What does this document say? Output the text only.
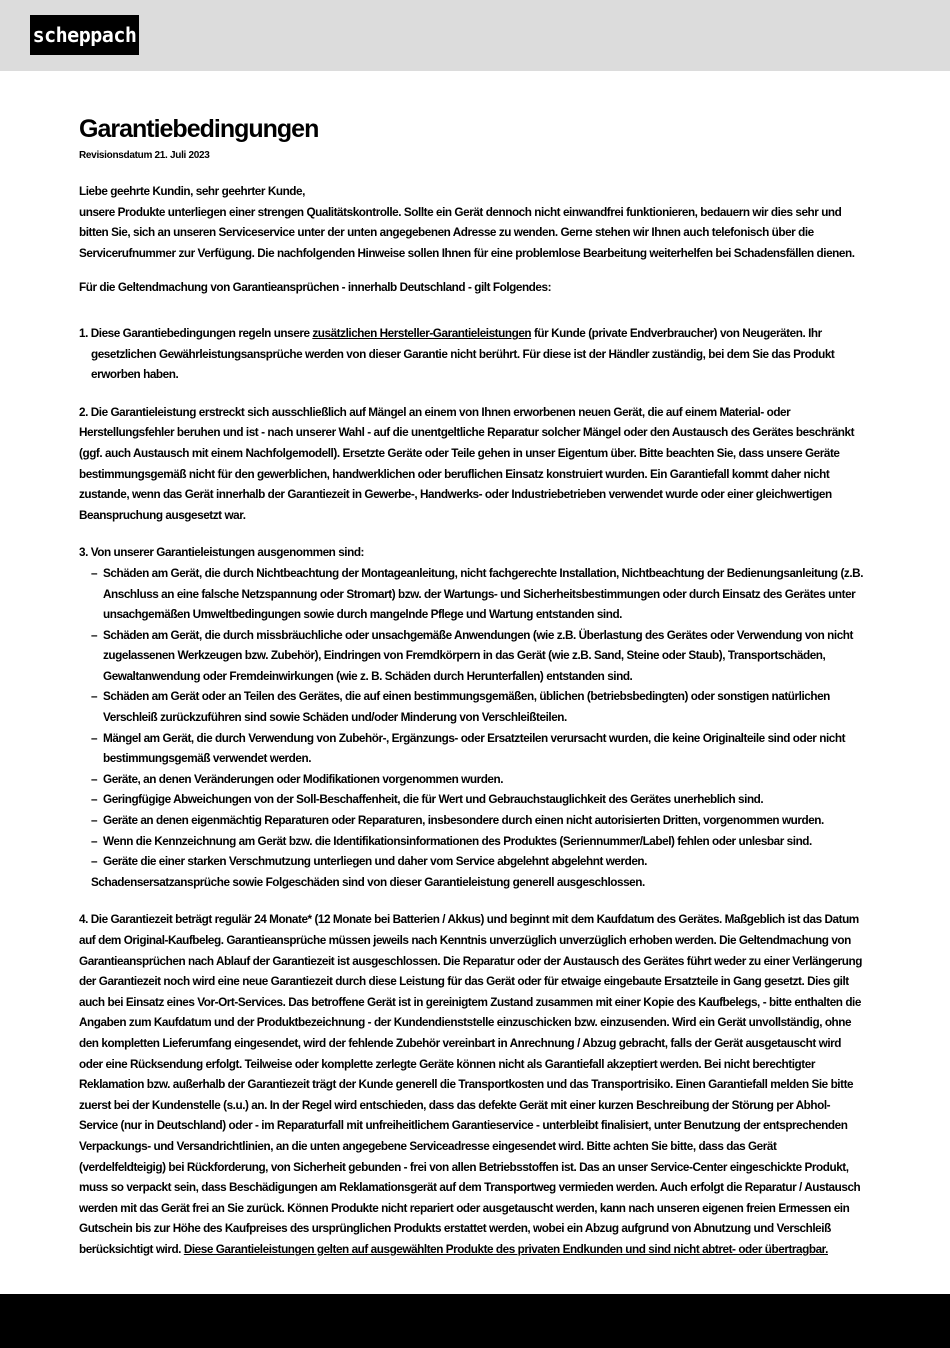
scheppach
Garantiebedingungen

Revisionsdatum 21. Juli 2023

Liebe geehrte Kundin, sehr geehrter Kunde,

unsere Produkte unterliegen einer strengen Qualitätskontrolle. Sollte ein Gerät dennoch nicht einwandfrei funktionieren, bedauern wir dies sehr und bitten Sie, sich an unseren Serviceservice unter der unten angegebenen Adresse zu wenden. Gerne stehen wir Ihnen auch telefonisch über die Servicerufnummer zur Verfügung. Die nachfolgenden Hinweise sollen Ihnen für eine problemlose Bearbeitung weiterhelfen bei Schadensfällen dienen.

Für die Geltendmachung von Garantieansprüchen - innerhalb Deutschland - gilt Folgendes:

1. Diese Garantiebedingungen regeln unsere zusätzlichen Hersteller-Garantieleistungen für Kunde (private Endverbraucher) von Neugeräten. Ihr gesetzlichen Gewährleistungsansprüche werden von dieser Garantie nicht berührt. Für diese ist der Händler zuständig, bei dem Sie das Produkt erworben haben.

2. Die Garantieleistung erstreckt sich ausschließlich auf Mängel an einem von Ihnen erworbenen neuen Gerät, die auf einem Material- oder Herstellungsfehler beruhen und ist - nach unserer Wahl - auf die unentgeltliche Reparatur solcher Mängel oder den Austausch des Gerätes beschränkt (ggf. auch Austausch mit einem Nachfolgemodell). Ersetzte Geräte oder Teile gehen in unser Eigentum über. Bitte beachten Sie, dass unsere Geräte bestimmungsgemäß nicht für den gewerblichen, handwerklichen oder beruflichen Einsatz konstruiert wurden. Ein Garantiefall kommt daher nicht zustande, wenn das Gerät innerhalb der Garantiezeit in Gewerbe-, Handwerks- oder Industriebetrieben verwendet wurde oder einer gleichwertigen Beanspruchung ausgesetzt war.

3. Von unserer Garantieleistungen ausgenommen sind:

– Schäden am Gerät, die durch Nichtbeachtung der Montageanleitung, nicht fachgerechte Installation, Nichtbeachtung der Bedienungsanleitung (z.B. Anschluss an eine falsche Netzspannung oder Stromart) bzw. der Wartungs- und Sicherheitsbestimmungen oder durch Einsatz des Gerätes unter unsachgemäßen Umweltbedingungen sowie durch mangelnde Pflege und Wartung entstanden sind.
– Schäden am Gerät, die durch missbräuchliche oder unsachgemäße Anwendungen (wie z.B. Überlastung des Gerätes oder Verwendung von nicht zugelassenen Werkzeugen bzw. Zubehör), Eindringen von Fremdkörpern in das Gerät (wie z.B. Sand, Steine oder Staub), Transportschäden, Gewaltanwendung oder Fremdeinwirkungen (wie z. B. Schäden durch Herunterfallen) entstanden sind.
– Schäden am Gerät oder an Teilen des Gerätes, die auf einen bestimmungsgemäßen, üblichen (betriebsbedingten) oder sonstigen natürlichen Verschleiß zurückzuführen sind sowie Schäden und/oder Minderung von Verschleißteilen.
– Mängel am Gerät, die durch Verwendung von Zubehör-, Ergänzungs- oder Ersatzteilen verursacht wurden, die keine Originalteile sind oder nicht bestimmungsgemäß verwendet werden.
– Geräte, an denen Veränderungen oder Modifikationen vorgenommen wurden.
– Geringfügige Abweichungen von der Soll-Beschaffenheit, die für Wert und Gebrauchstauglichkeit des Gerätes unerheblich sind.
– Geräte an denen eigenmächtig Reparaturen oder Reparaturen, insbesondere durch einen nicht autorisierten Dritten, vorgenommen wurden.
– Wenn die Kennzeichnung am Gerät bzw. die Identifikationsinformationen des Produktes (Seriennummer/Label) fehlen oder unlesbar sind.
– Geräte die einer starken Verschmutzung unterliegen und daher vom Service abgelehnt abgelehnt werden.

Schadensersatzansprüche sowie Folgeschäden sind von dieser Garantieleistung generell ausgeschlossen.

4. Die Garantiezeit beträgt regulär 24 Monate* (12 Monate bei Batterien / Akkus) und beginnt mit dem Kaufdatum des Gerätes. Maßgeblich ist das Datum auf dem Original-Kaufbeleg. Garantieansprüche müssen jeweils nach Kenntnis unverzüglich unverzüglich erhoben werden. Die Geltendmachung von Garantieansprüchen nach Ablauf der Garantiezeit ist ausgeschlossen. Die Reparatur oder der Austausch des Gerätes führt weder zu einer Verlängerung der Garantiezeit noch wird eine neue Garantiezeit durch diese Leistung für das Gerät oder für etwaige eingebaute Ersatzteile in Gang gesetzt. Dies gilt auch bei Einsatz eines Vor-Ort-Services. Das betroffene Gerät ist in gereinigtem Zustand zusammen mit einer Kopie des Kaufbelegs, - bitte enthalten die Angaben zum Kaufdatum und der Produktbezeichnung - der Kundendienststelle einzuschicken bzw. einzusenden. Wird ein Gerät unvollständig, ohne den kompletten Lieferumfang eingesendet, wird der fehlende Zubehör vereinbart in Anrechnung / Abzug gebracht, falls der Gerät ausgetauscht wird oder eine Rücksendung erfolgt. Teilweise oder komplette zerlegte Geräte können nicht als Garantiefall akzeptiert werden. Bei nicht berechtigter Reklamation bzw. außerhalb der Garantiezeit trägt der Kunde generell die Transportkosten und das Transportrisiko. Einen Garantiefall melden Sie bitte zuerst bei der Kundenstelle (s.u.) an. In der Regel wird entschieden, dass das defekte Gerät mit einer kurzen Beschreibung der Störung per Abhol-Service (nur in Deutschland) oder - im Reparaturfall mit unfreiheitlichem Garantieservice - unterbleibt finalisiert, unter Benutzung der entsprechenden Verpackungs- und Versandrichtlinien, an die unten angegebene Serviceadresse eingesendet wird. Bitte achten Sie bitte, dass das Gerät (verdelfeldteigig) bei Rückforderung, von Sicherheit gebunden - frei von allen Betriebsstoffen ist. Das an unser Service-Center eingeschickte Produkt, muss so verpackt sein, dass Beschädigungen am Reklamationsgerät auf dem Transportweg vermieden werden. Auch erfolgt die Reparatur / Austausch werden mit das Gerät frei an Sie zurück. Können Produkte nicht repariert oder ausgetauscht werden, kann nach unseren eigenen freien Ermessen ein Gutschein bis zur Höhe des Kaufpreises des ursprünglichen Produkts erstattet werden, wobei ein Abzug aufgrund von Abnutzung und Verschleiß berücksichtigt wird. Diese Garantieleistungen gelten auf ausgewählten Produkte des privaten Endkunden und sind nicht abtret- oder übertragbar.
